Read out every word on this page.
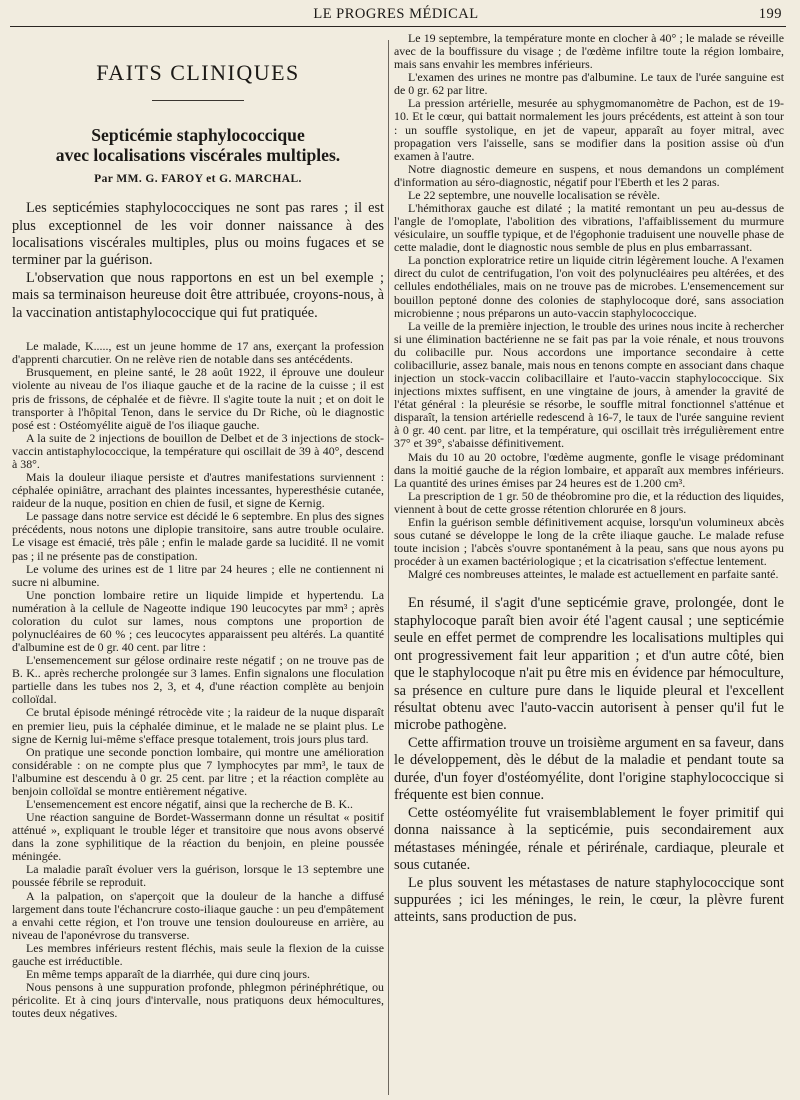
LE PROGRES MÉDICAL	199
FAITS CLINIQUES
Septicémie staphylococcique
avec localisations viscérales multiples.
Par MM. G. FAROY et G. MARCHAL.

Les septicémies staphylococciques ne sont pas rares ; il est plus exceptionnel de les voir donner naissance à des localisations viscérales multiples, plus ou moins fugaces et se terminer par la guérison.

L'observation que nous rapportons en est un bel exemple ; mais sa terminaison heureuse doit être attribuée, croyons-nous, à la vaccination antistaphylococcique qui fut pratiquée.

Le malade, K....., est un jeune homme de 17 ans, exerçant la profession d'apprenti charcutier. On ne relève rien de notable dans ses antécédents.

Brusquement, en pleine santé, le 28 août 1922, il éprouve une douleur violente au niveau de l'os iliaque gauche et de la racine de la cuisse ; il est pris de frissons, de céphalée et de fièvre. Il s'agite toute la nuit ; et on doit le transporter à l'hôpital Tenon, dans le service du Dr Riche, où le diagnostic posé est : Ostéomyélite aiguë de l'os iliaque gauche.

A la suite de 2 injections de bouillon de Delbet et de 3 injections de stock-vaccin antistaphylococcique, la température qui oscillait de 39 à 40°, descend à 38°.

Mais la douleur iliaque persiste et d'autres manifestations surviennent : céphalée opiniâtre, arrachant des plaintes incessantes, hyperesthésie cutanée, raideur de la nuque, position en chien de fusil, et signe de Kernig.

Le passage dans notre service est décidé le 6 septembre. En plus des signes précédents, nous notons une diplopie transitoire, sans autre trouble oculaire. Le visage est émacié, très pâle ; enfin le malade garde sa lucidité. Il ne vomit pas ; il ne présente pas de constipation.

Le volume des urines est de 1 litre par 24 heures ; elle ne contiennent ni sucre ni albumine.

Une ponction lombaire retire un liquide limpide et hypertendu. La numération à la cellule de Nageotte indique 190 leucocytes par mm³ ; après coloration du culot sur lames, nous comptons une proportion de polynucléaires de 60 % ; ces leucocytes apparaissent peu altérés. La quantité d'albumine est de 0 gr. 40 cent. par litre :

L'ensemencement sur gélose ordinaire reste négatif ; on ne trouve pas de B. K.. après recherche prolongée sur 3 lames. Enfin signalons une floculation partielle dans les tubes nos 2, 3, et 4, d'une réaction complète au benjoin colloïdal.

Ce brutal épisode méningé rétrocède vite ; la raideur de la nuque disparaît en premier lieu, puis la céphalée diminue, et le malade ne se plaint plus. Le signe de Kernig lui-même s'efface presque totalement, trois jours plus tard.

On pratique une seconde ponction lombaire, qui montre une amélioration considérable : on ne compte plus que 7 lymphocytes par mm³, le taux de l'albumine est descendu à 0 gr. 25 cent. par litre ; et la réaction complète au benjoin colloïdal se montre entièrement négative.

L'ensemencement est encore négatif, ainsi que la recherche de B. K..

Une réaction sanguine de Bordet-Wassermann donne un résultat « positif atténué », expliquant le trouble léger et transitoire que nous avons observé dans la zone syphilitique de la réaction du benjoin, en pleine poussée méningée.

La maladie paraît évoluer vers la guérison, lorsque le 13 septembre une poussée fébrile se reproduit.

A la palpation, on s'aperçoit que la douleur de la hanche a diffusé largement dans toute l'échancrure costo-iliaque gauche : un peu d'empâtement a envahi cette région, et l'on trouve une tension douloureuse en arrière, au niveau de l'aponévrose du transverse.

Les membres inférieurs restent fléchis, mais seule la flexion de la cuisse gauche est irréductible.

En même temps apparaît de la diarrhée, qui dure cinq jours.

Nous pensons à une suppuration profonde, phlegmon périnéphrétique, ou péricolite. Et à cinq jours d'intervalle, nous pratiquons deux hémocultures, toutes deux négatives.

Le 19 septembre, la température monte en clocher à 40° ; le malade se réveille avec de la bouffissure du visage ; de l'œdème infiltre toute la région lombaire, mais sans envahir les membres inférieurs.

L'examen des urines ne montre pas d'albumine. Le taux de l'urée sanguine est de 0 gr. 62 par litre.

La pression artérielle, mesurée au sphygmomanomètre de Pachon, est de 19-10. Et le cœur, qui battait normalement les jours précédents, est atteint à son tour : un souffle systolique, en jet de vapeur, apparaît au foyer mitral, avec propagation vers l'aisselle, sans se modifier dans la position assise où d'un examen à l'autre.

Notre diagnostic demeure en suspens, et nous demandons un complément d'information au séro-diagnostic, négatif pour l'Eberth et les 2 paras.

Le 22 septembre, une nouvelle localisation se révèle.

L'hémithorax gauche est dilaté ; la matité remontant un peu au-dessus de l'angle de l'omoplate, l'abolition des vibrations, l'affaiblissement du murmure vésiculaire, un souffle typique, et de l'égophonie traduisent une nouvelle phase de cette maladie, dont le diagnostic nous semble de plus en plus embarrassant.

La ponction exploratrice retire un liquide citrin légèrement louche. A l'examen direct du culot de centrifugation, l'on voit des polynucléaires peu altérées, et des cellules endothéliales, mais on ne trouve pas de microbes. L'ensemencement sur bouillon peptoné donne des colonies de staphylocoque doré, sans association microbienne ; nous préparons un auto-vaccin staphylococcique.

La veille de la première injection, le trouble des urines nous incite à rechercher si une élimination bactérienne ne se fait pas par la voie rénale, et nous trouvons du colibacille pur. Nous accordons une importance secondaire à cette colibacillurie, assez banale, mais nous en tenons compte en associant dans chaque injection un stock-vaccin colibacillaire et l'auto-vaccin staphylococcique. Six injections mixtes suffisent, en une vingtaine de jours, à amender la gravité de l'état général : la pleurésie se résorbe, le souffle mitral fonctionnel s'atténue et disparaît, la tension artérielle redescend à 16-7, le taux de l'urée sanguine revient à 0 gr. 40 cent. par litre, et la température, qui oscillait très irrégulièrement entre 37° et 39°, s'abaisse définitivement.

Mais du 10 au 20 octobre, l'œdème augmente, gonfle le visage prédominant dans la moitié gauche de la région lombaire, et apparaît aux membres inférieurs. La quantité des urines émises par 24 heures est de 1.200 cm³.

La prescription de 1 gr. 50 de théobromine pro die, et la réduction des liquides, viennent à bout de cette grosse rétention chlorurée en 8 jours.

Enfin la guérison semble définitivement acquise, lorsqu'un volumineux abcès sous cutané se développe le long de la crête iliaque gauche. Le malade refuse toute incision ; l'abcès s'ouvre spontanément à la peau, sans que nous ayons pu procéder à un examen bactériologique ; et la cicatrisation s'effectue lentement.

Malgré ces nombreuses atteintes, le malade est actuellement en parfaite santé.

En résumé, il s'agit d'une septicémie grave, prolongée, dont le staphylocoque paraît bien avoir été l'agent causal ; une septicémie seule en effet permet de comprendre les localisations multiples qui ont progressivement fait leur apparition ; et d'un autre côté, bien que le staphylocoque n'ait pu être mis en évidence par hémoculture, sa présence en culture pure dans le liquide pleural et l'excellent résultat obtenu avec l'auto-vaccin autorisent à penser qu'il fut le microbe pathogène.

Cette affirmation trouve un troisième argument en sa faveur, dans le développement, dès le début de la maladie et pendant toute sa durée, d'un foyer d'ostéomyélite, dont l'origine staphylococcique si fréquente est bien connue.

Cette ostéomyélite fut vraisemblablement le foyer primitif qui donna naissance à la septicémie, puis secondairement aux métastases méningée, rénale et périrénale, cardiaque, pleurale et sous cutanée.

Le plus souvent les métastases de nature staphylococcique sont suppurées ; ici les méninges, le rein, le cœur, la plèvre furent atteints, sans production de pus.
